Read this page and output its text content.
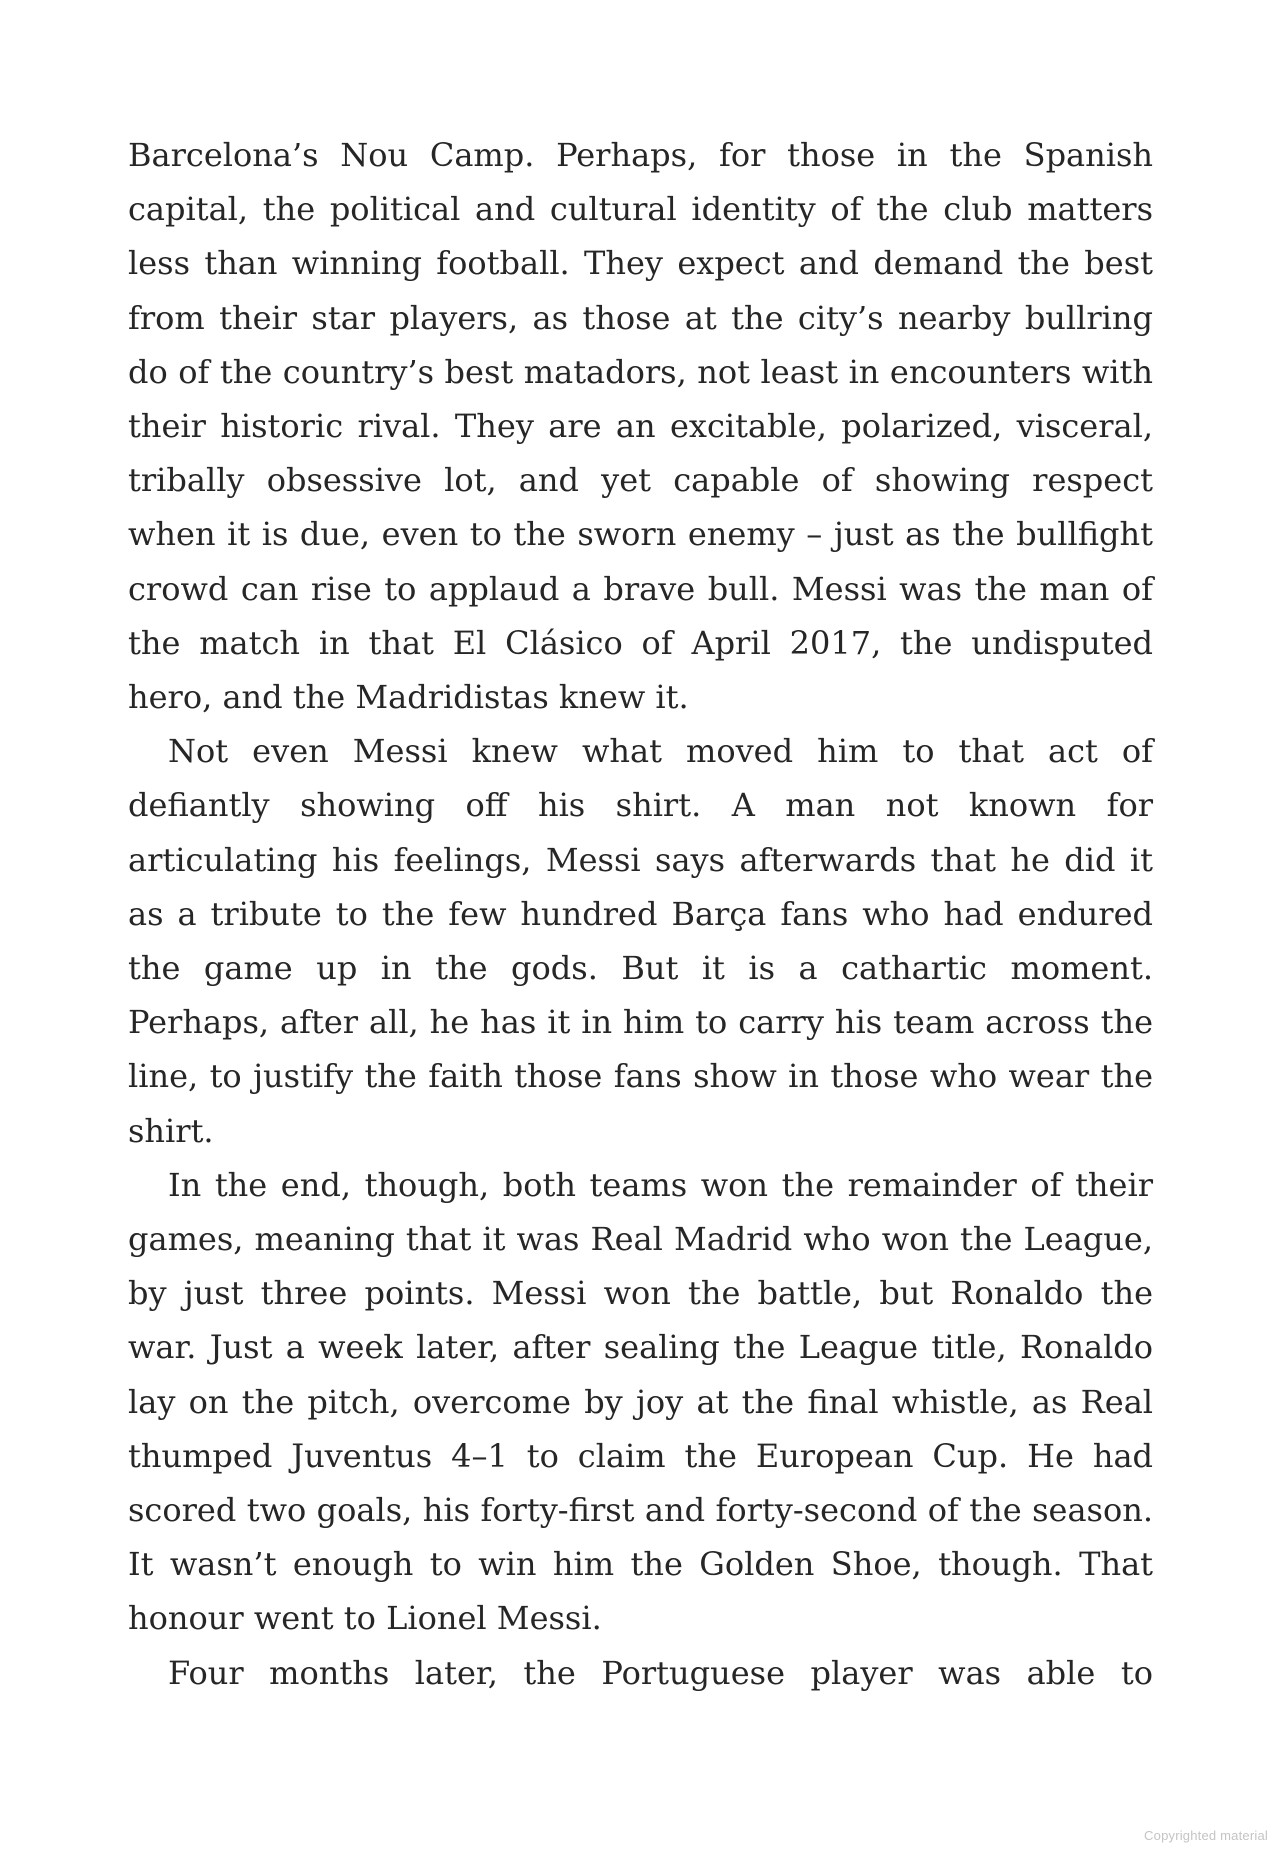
Barcelona’s Nou Camp. Perhaps, for those in the Spanish capital, the political and cultural identity of the club matters less than winning football. They expect and demand the best from their star players, as those at the city’s nearby bullring do of the country’s best matadors, not least in encounters with their historic rival. They are an excitable, polarized, visceral, tribally obsessive lot, and yet capable of showing respect when it is due, even to the sworn enemy – just as the bullfight crowd can rise to applaud a brave bull. Messi was the man of the match in that El Clásico of April 2017, the undisputed hero, and the Madridistas knew it.

Not even Messi knew what moved him to that act of defiantly showing off his shirt. A man not known for articulating his feelings, Messi says afterwards that he did it as a tribute to the few hundred Barça fans who had endured the game up in the gods. But it is a cathartic moment. Perhaps, after all, he has it in him to carry his team across the line, to justify the faith those fans show in those who wear the shirt.

In the end, though, both teams won the remainder of their games, meaning that it was Real Madrid who won the League, by just three points. Messi won the battle, but Ronaldo the war. Just a week later, after sealing the League title, Ronaldo lay on the pitch, overcome by joy at the final whistle, as Real thumped Juventus 4–1 to claim the European Cup. He had scored two goals, his forty-first and forty-second of the season. It wasn’t enough to win him the Golden Shoe, though. That honour went to Lionel Messi.

Four months later, the Portuguese player was able to

Copyrighted material
